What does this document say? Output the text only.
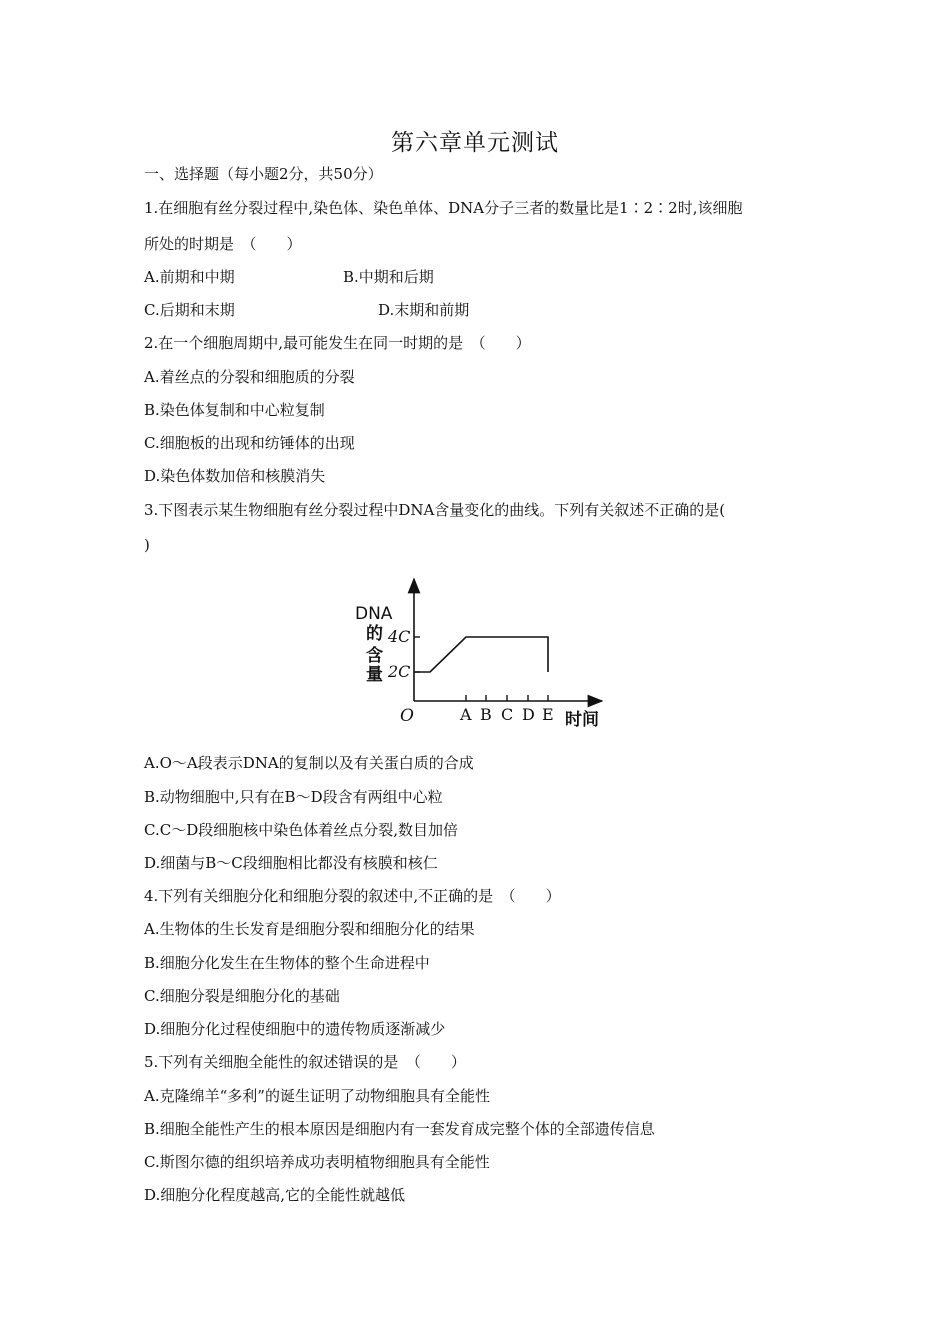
第六章单元测试
一、选择题（每小题2分，共50分）
1.在细胞有丝分裂过程中,染色体、染色单体、DNA分子三者的数量比是1∶2∶2时,该细胞
所处的时期是　（　　）
A.前期和中期	B.中期和后期
C.后期和末期	D.末期和前期
2.在一个细胞周期中,最可能发生在同一时期的是　（　　）
A.着丝点的分裂和细胞质的分裂
B.染色体复制和中心粒复制
C.细胞板的出现和纺锤体的出现
D.染色体数加倍和核膜消失
3.下图表示某生物细胞有丝分裂过程中DNA含量变化的曲线。下列有关叙述不正确的是(
)
DNA
的
含
量
4C
2C
O	A B C D E 时间
A.O～A段表示DNA的复制以及有关蛋白质的合成
B.动物细胞中,只有在B～D段含有两组中心粒
C.C～D段细胞核中染色体着丝点分裂,数目加倍
D.细菌与B～C段细胞相比都没有核膜和核仁
4.下列有关细胞分化和细胞分裂的叙述中,不正确的是　（　　）
A.生物体的生长发育是细胞分裂和细胞分化的结果
B.细胞分化发生在生物体的整个生命进程中
C.细胞分裂是细胞分化的基础
D.细胞分化过程使细胞中的遗传物质逐渐减少
5.下列有关细胞全能性的叙述错误的是　（　　）
A.克隆绵羊“多利”的诞生证明了动物细胞具有全能性
B.细胞全能性产生的根本原因是细胞内有一套发育成完整个体的全部遗传信息
C.斯图尔德的组织培养成功表明植物细胞具有全能性
D.细胞分化程度越高,它的全能性就越低
